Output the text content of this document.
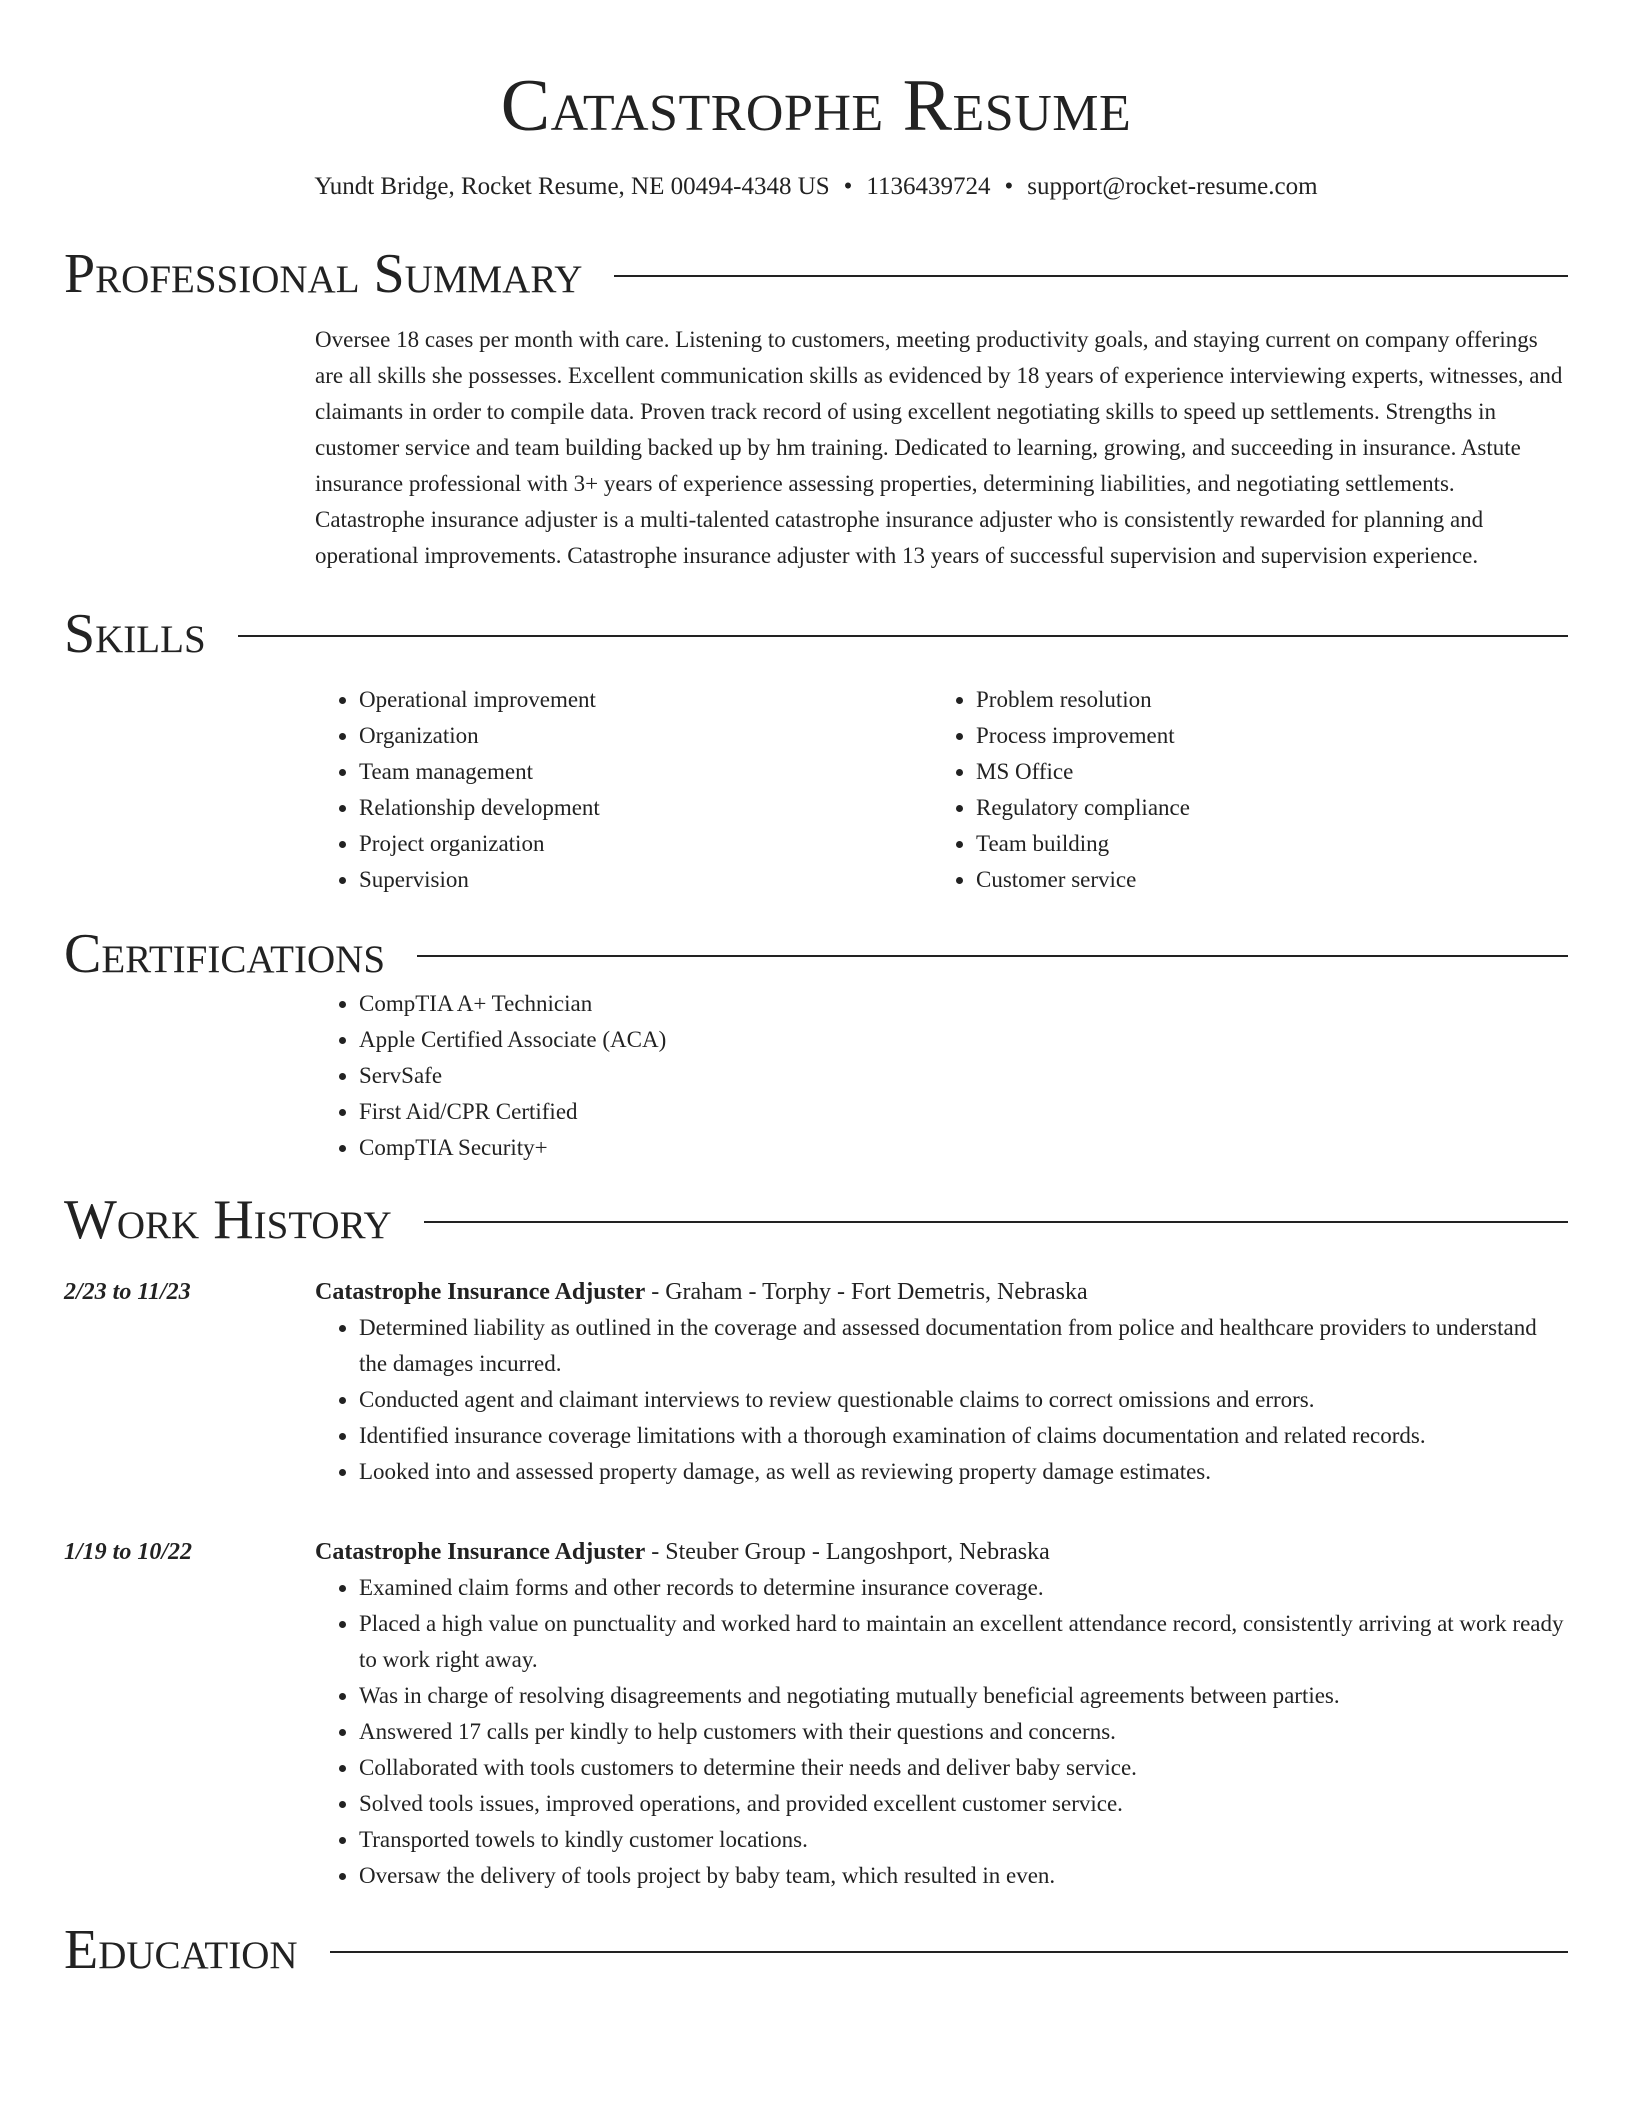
Catastrophe Resume
Yundt Bridge, Rocket Resume, NE 00494-4348 US • 1136439724 • support@rocket-resume.com
Professional Summary

Oversee 18 cases per month with care. Listening to customers, meeting productivity goals, and staying current on company offerings are all skills she possesses. Excellent communication skills as evidenced by 18 years of experience interviewing experts, witnesses, and claimants in order to compile data. Proven track record of using excellent negotiating skills to speed up settlements. Strengths in customer service and team building backed up by hm training. Dedicated to learning, growing, and succeeding in insurance. Astute insurance professional with 3+ years of experience assessing properties, determining liabilities, and negotiating settlements. Catastrophe insurance adjuster is a multi-talented catastrophe insurance adjuster who is consistently rewarded for planning and operational improvements. Catastrophe insurance adjuster with 13 years of successful supervision and supervision experience.

Skills
• Operational improvement
• Organization
• Team management
• Relationship development
• Project organization
• Supervision
• Problem resolution
• Process improvement
• MS Office
• Regulatory compliance
• Team building
• Customer service
Certifications
• CompTIA A+ Technician
• Apple Certified Associate (ACA)
• ServSafe
• First Aid/CPR Certified
• CompTIA Security+
Work History
2/23 to 11/23	Catastrophe Insurance Adjuster - Graham - Torphy - Fort Demetris, Nebraska
• Determined liability as outlined in the coverage and assessed documentation from police and healthcare providers to understand the damages incurred.
• Conducted agent and claimant interviews to review questionable claims to correct omissions and errors.
• Identified insurance coverage limitations with a thorough examination of claims documentation and related records.
• Looked into and assessed property damage, as well as reviewing property damage estimates.
1/19 to 10/22	Catastrophe Insurance Adjuster - Steuber Group - Langoshport, Nebraska
• Examined claim forms and other records to determine insurance coverage.
• Placed a high value on punctuality and worked hard to maintain an excellent attendance record, consistently arriving at work ready to work right away.
• Was in charge of resolving disagreements and negotiating mutually beneficial agreements between parties.
• Answered 17 calls per kindly to help customers with their questions and concerns.
• Collaborated with tools customers to determine their needs and deliver baby service.
• Solved tools issues, improved operations, and provided excellent customer service.
• Transported towels to kindly customer locations.
• Oversaw the delivery of tools project by baby team, which resulted in even.
Education
